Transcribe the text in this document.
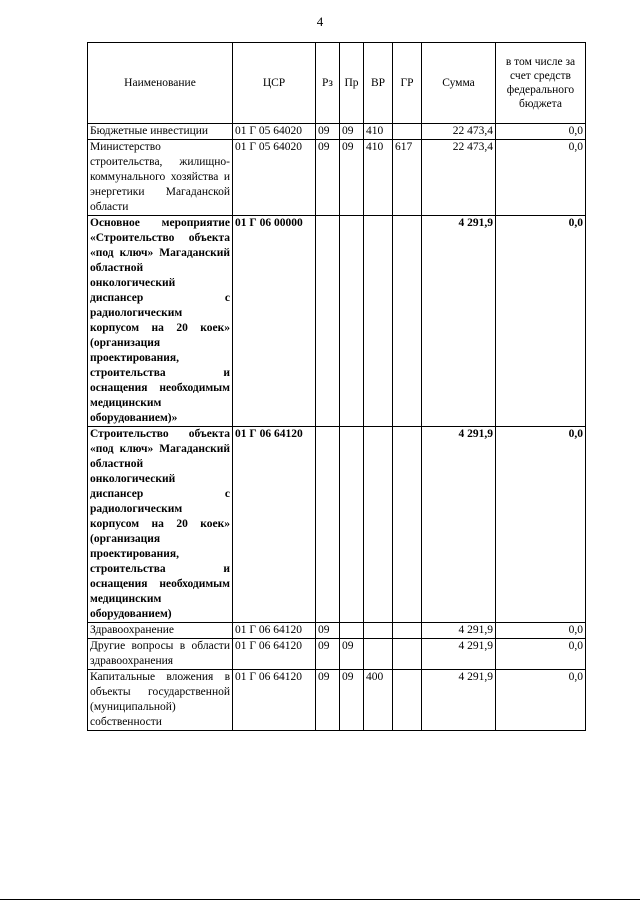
4
Наименование	ЦСР	Рз	Пр	ВР	ГР	Сумма	в том числе за счет средств федерального бюджета
Бюджетные инвестиции	01 Г 05 64020	09	09	410		22 473,4	0,0
Министерство строительства, жилищно-коммунального хозяйства и энергетики Магаданской области	01 Г 05 64020	09	09	410	617	22 473,4	0,0
Основное мероприятие «Строительство объекта «под ключ» Магаданский областной онкологический диспансер с радиологическим корпусом на 20 коек» (организация проектирования, строительства и оснащения необходимым медицинским оборудованием)»	01 Г 06 00000					4 291,9	0,0
Строительство объекта «под ключ» Магаданский областной онкологический диспансер с радиологическим корпусом на 20 коек» (организация проектирования, строительства и оснащения необходимым медицинским оборудованием)	01 Г 06 64120					4 291,9	0,0
Здравоохранение	01 Г 06 64120	09				4 291,9	0,0
Другие вопросы в области здравоохранения	01 Г 06 64120	09	09			4 291,9	0,0
Капитальные вложения в объекты государственной (муниципальной) собственности	01 Г 06 64120	09	09	400		4 291,9	0,0
